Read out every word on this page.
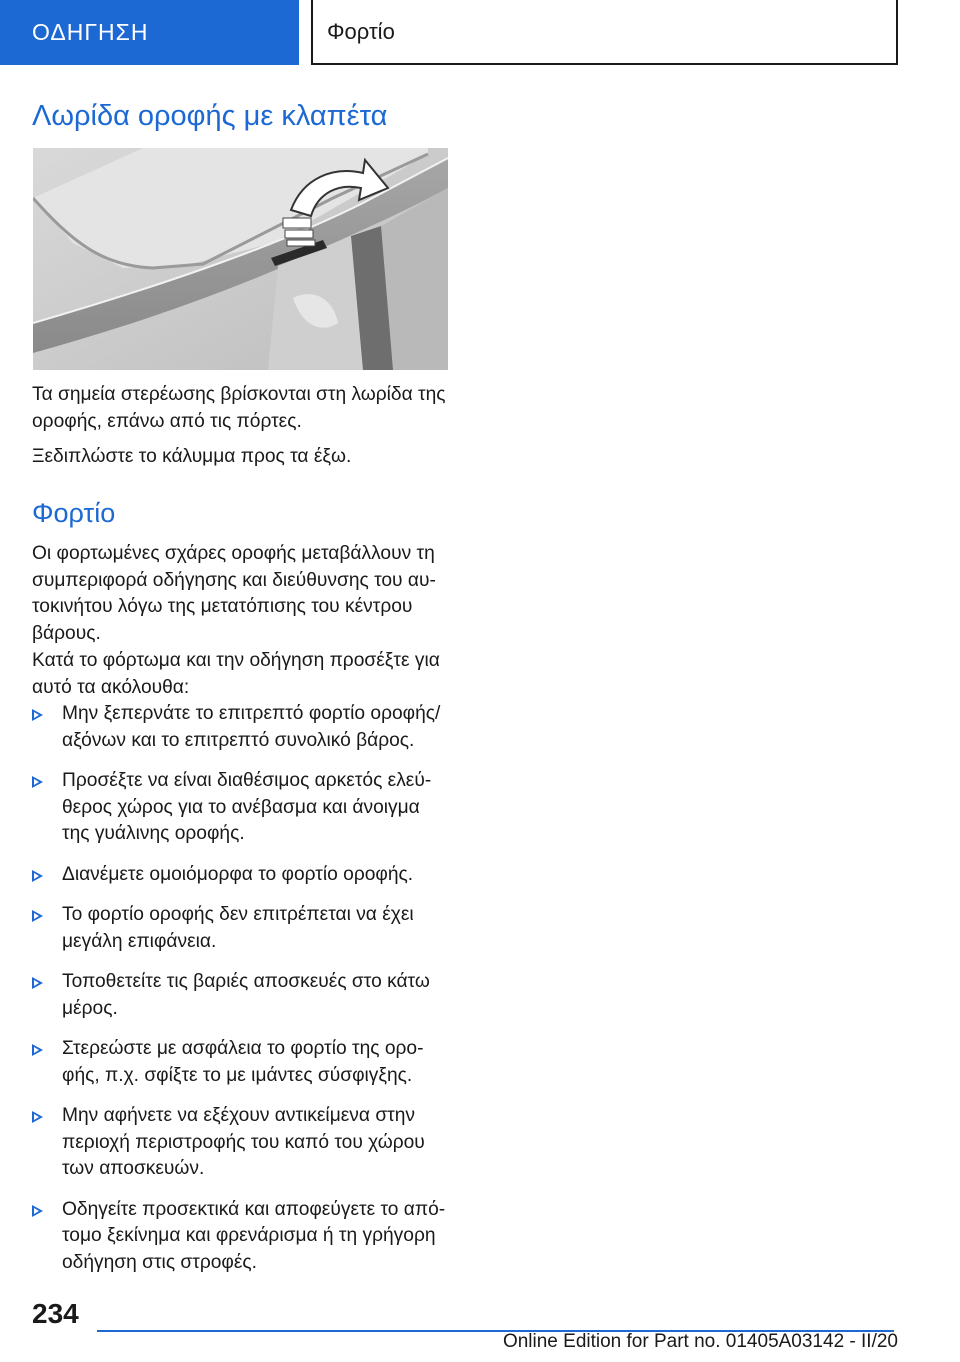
ΟΔΗΓΗΣΗ	Φορτίο
Λωρίδα οροφής με κλαπέτα

Τα σημεία στερέωσης βρίσκονται στη λωρίδα της οροφής, επάνω από τις πόρτες.

Ξεδιπλώστε το κάλυμμα προς τα έξω.

Φορτίο

Οι φορτωμένες σχάρες οροφής μεταβάλλουν τη συμπεριφορά οδήγησης και διεύθυνσης του αυτοκινήτου λόγω της μετατόπισης του κέντρου βάρους.

Κατά το φόρτωμα και την οδήγηση προσέξτε για αυτό τα ακόλουθα:

Μην ξεπερνάτε το επιτρεπτό φορτίο οροφής/αξόνων και το επιτρεπτό συνολικό βάρος.
Προσέξτε να είναι διαθέσιμος αρκετός ελεύθερος χώρος για το ανέβασμα και άνοιγμα της γυάλινης οροφής.
Διανέμετε ομοιόμορφα το φορτίο οροφής.
Το φορτίο οροφής δεν επιτρέπεται να έχει μεγάλη επιφάνεια.
Τοποθετείτε τις βαριές αποσκευές στο κάτω μέρος.
Στερεώστε με ασφάλεια το φορτίο της οροφής, π.χ. σφίξτε το με ιμάντες σύσφιγξης.
Μην αφήνετε να εξέχουν αντικείμενα στην περιοχή περιστροφής του καπό του χώρου των αποσκευών.
Οδηγείτε προσεκτικά και αποφεύγετε το απότομο ξεκίνημα και φρενάρισμα ή τη γρήγορη οδήγηση στις στροφές.
234
Online Edition for Part no. 01405A03142 - II/20
